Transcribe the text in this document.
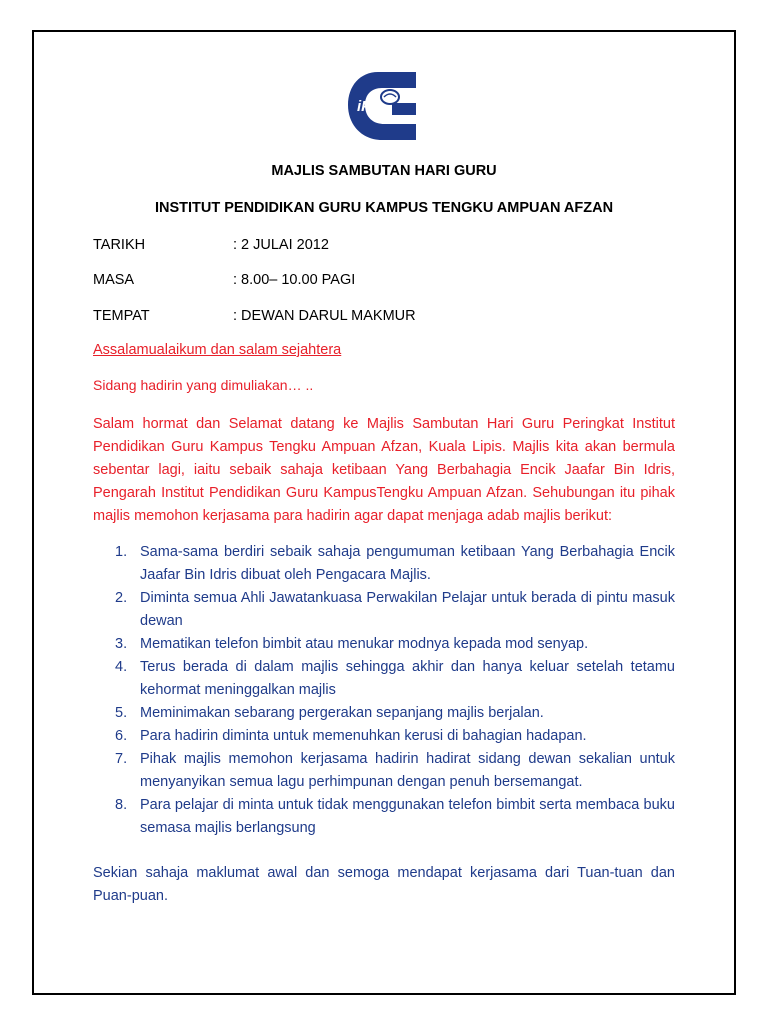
iPG

MAJLIS SAMBUTAN HARI GURU

INSTITUT PENDIDIKAN GURU KAMPUS TENGKU AMPUAN AFZAN

TARIKH	: 2 JULAI 2012

MASA	: 8.00– 10.00 PAGI

TEMPAT	: DEWAN DARUL MAKMUR

Assalamualaikum dan salam sejahtera

Sidang hadirin yang dimuliakan… ..

Salam hormat dan Selamat datang ke Majlis Sambutan Hari Guru Peringkat Institut Pendidikan Guru Kampus Tengku Ampuan Afzan, Kuala Lipis. Majlis kita akan bermula sebentar lagi, iaitu sebaik sahaja ketibaan Yang Berbahagia Encik Jaafar Bin Idris, Pengarah Institut Pendidikan Guru KampusTengku Ampuan Afzan. Sehubungan itu pihak majlis memohon kerjasama para hadirin agar dapat menjaga adab majlis berikut:

1. Sama-sama berdiri sebaik sahaja pengumuman ketibaan Yang Berbahagia Encik Jaafar Bin Idris dibuat oleh Pengacara Majlis.
2. Diminta semua Ahli Jawatankuasa Perwakilan Pelajar untuk berada di pintu masuk dewan
3. Mematikan telefon bimbit atau menukar modnya kepada mod senyap.
4. Terus berada di dalam majlis sehingga akhir dan hanya keluar setelah tetamu kehormat meninggalkan majlis
5. Meminimakan sebarang pergerakan sepanjang majlis berjalan.
6. Para hadirin diminta untuk memenuhkan kerusi di bahagian hadapan.
7. Pihak majlis memohon kerjasama hadirin hadirat sidang dewan sekalian untuk menyanyikan semua lagu perhimpunan dengan penuh bersemangat.
8. Para pelajar di minta untuk tidak menggunakan telefon bimbit serta membaca buku semasa majlis berlangsung

Sekian sahaja maklumat awal dan semoga mendapat kerjasama dari Tuan-tuan dan Puan-puan.
